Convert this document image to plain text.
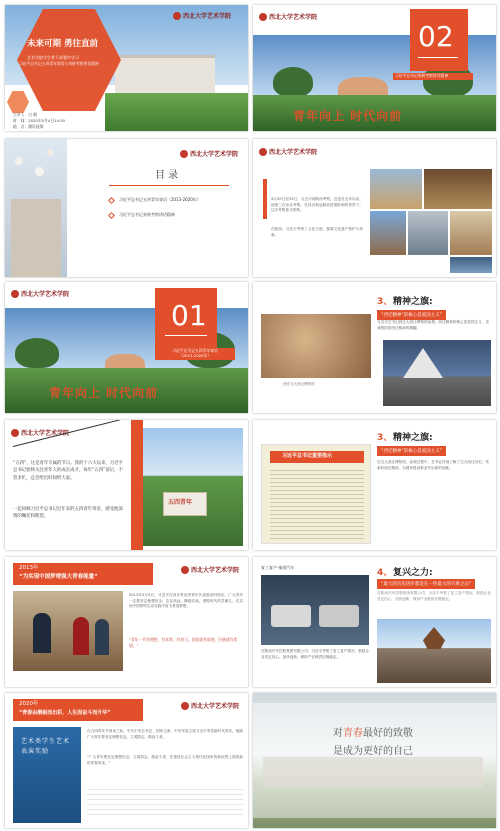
西北大学艺术学院
未来可期 勇往直前
艺术学院学生骨干部署中学习
习近平总书记五四青年寄语与来陕考察讲话精神
主讲人：白 鹤
时　间：2020年5月4日14:30
地　点：腾讯视频
西北大学艺术学院
青年向上 时代向前
02
习近平总书记来陕考察讲话精神
西北大学艺术学院
目 录
习近平总书记五四青年寄语（2013-2020年）
习近平总书记来陕考察讲话精神
西北大学艺术学院
4月20日至23日，习近平到陕西考察。这是自去年以来，他第三次出京考察。在经济新冠肺炎疫情影响的背景下，这次考察意义特殊。
在陕西，习近平考察了文化古迹，强调文化遗产保护与传承。
西北大学艺术学院
青年向上 时代向前
01
习近平总书记五四青年寄语
（2013-2020年）
3、 精神之旗:
“西迁精神”的核心是爱国主义”
习近平总书记到交大西迁博物馆参观。西迁精神的核心是爱国主义，忠诚报国是西迁精神的精髓。
西安交大西迁博物馆
西北大学艺术学院
“五四”，这是青年专属的节日。我的十六大以来，习近平总书记始终关注青年人的成长成才。每年“五四”前后，不管多忙，总会给出时间给大家。
一起回顾习近平总书记近年来的五四青年寄语，感受他深情的嘱托和期望。
五四青年
3、 精神之旗:
“西迁精神”的核心是爱国主义”
习近平总书记重要指示
在交大西迁博物馆，参观过程中，总书记详细了解了交大西迁历史。传承好西迁精神，为国家建设事业作出新的贡献。
2013年
“为实现中国梦增强大青春能量”
西北大学艺术学院
2013年5月4日，习近平在同各界优秀青年代表座谈时指出，广大青年一定要坚定理想信念，志存高远，脚踏实地，勇做时代的弄潮儿，在实现中国梦的生动实践中放飞青春梦想。
“青年一代有理想、有本领、有担当，国家就有前途，民族就有希望。”
4、 复兴之力:
“最大的历史进步都是在一些最大的灾难之后”
复工复产·秦创汽车
在陕西汽车控股集团有限公司，习近平考察了复工复产情况，鼓励企业坚定信心，加快创新，保持产业链供应链稳定。
在陕西汽车控股集团有限公司，习近平考察了复工复产情况，鼓励企业坚定信心，加快创新，保持产业链供应链稳定。
2020年
“青春由磨砺而出彩，人生因奋斗而升华”
西北大学艺术学院
艺术类学生艺术表演奖励
在五四青年节到来之际，中共中央总书记、国家主席、中央军委主席习近平寄语新时代青年，勉励广大青年要坚定理想信念，立鸿鹄志，做奋斗者。
“广大青年要坚定理想信念，立鸿鹄志，做奋斗者，在建设社会主义现代化国家的新征程上展现新的青春风采。”
对青春最好的致敬
是成为更好的自己
